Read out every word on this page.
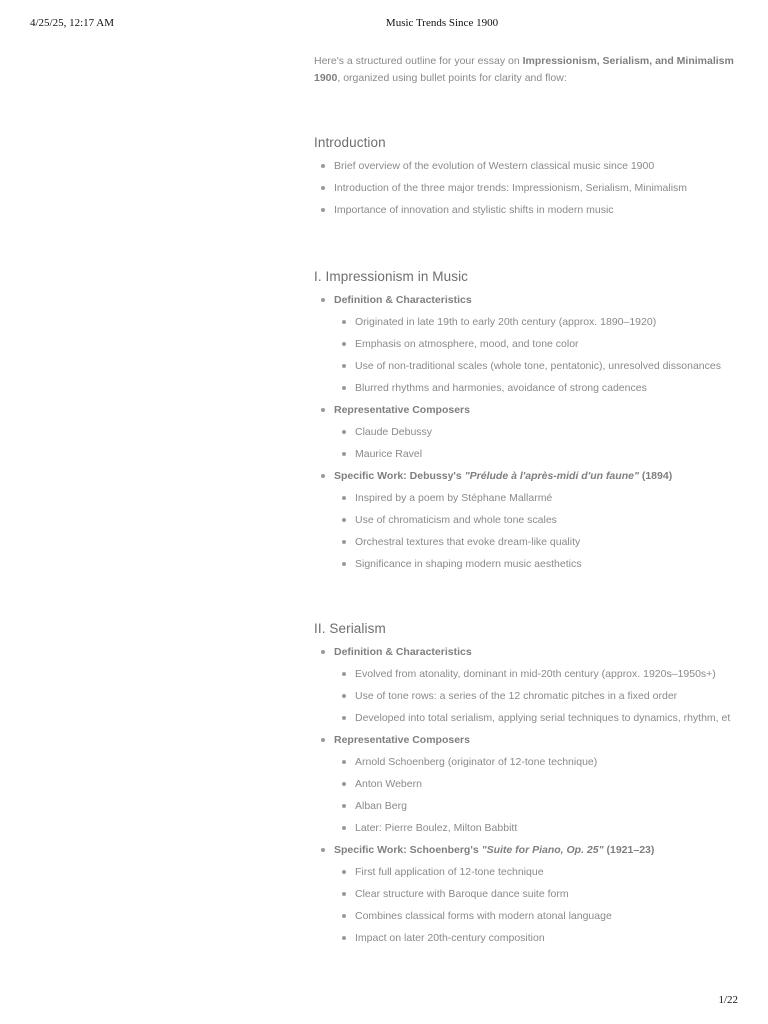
4/25/25, 12:17 AM	Music Trends Since 1900

Here's a structured outline for your essay on Impressionism, Serialism, and Minimalism 1900, organized using bullet points for clarity and flow:

Introduction
Brief overview of the evolution of Western classical music since 1900
Introduction of the three major trends: Impressionism, Serialism, Minimalism
Importance of innovation and stylistic shifts in modern music
I. Impressionism in Music
Definition & Characteristics
Originated in late 19th to early 20th century (approx. 1890–1920)
Emphasis on atmosphere, mood, and tone color
Use of non-traditional scales (whole tone, pentatonic), unresolved dissonances
Blurred rhythms and harmonies, avoidance of strong cadences
Representative Composers
Claude Debussy
Maurice Ravel
Specific Work: Debussy's "Prélude à l'après-midi d'un faune" (1894)
Inspired by a poem by Stéphane Mallarmé
Use of chromaticism and whole tone scales
Orchestral textures that evoke dream-like quality
Significance in shaping modern music aesthetics
II. Serialism
Definition & Characteristics
Evolved from atonality, dominant in mid-20th century (approx. 1920s–1950s+)
Use of tone rows: a series of the 12 chromatic pitches in a fixed order
Developed into total serialism, applying serial techniques to dynamics, rhythm, et
Representative Composers
Arnold Schoenberg (originator of 12-tone technique)
Anton Webern
Alban Berg
Later: Pierre Boulez, Milton Babbitt
Specific Work: Schoenberg's "Suite for Piano, Op. 25" (1921–23)
First full application of 12-tone technique
Clear structure with Baroque dance suite form
Combines classical forms with modern atonal language
Impact on later 20th-century composition
1/22
